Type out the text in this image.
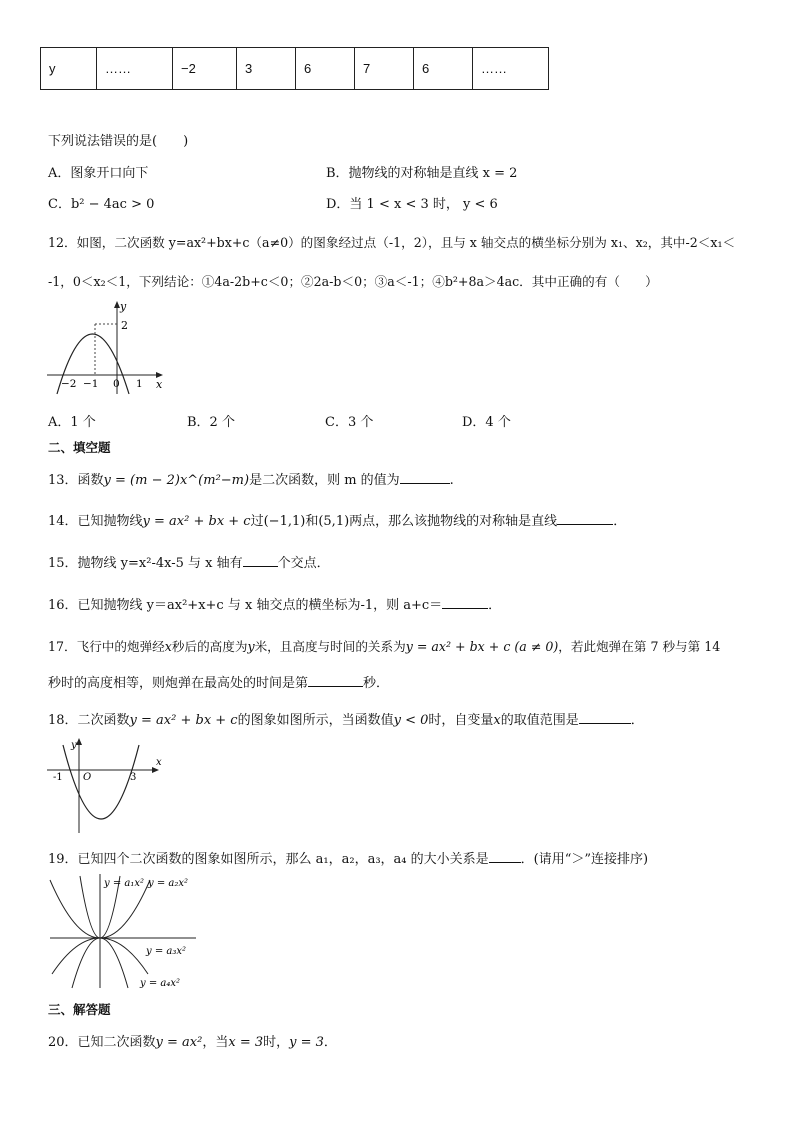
y	……	−2	3	6	7	6	……
下列说法错误的是(　　)
A．图象开口向下	B．抛物线的对称轴是直线 x = 2
C．b² − 4ac > 0	D．当 1 < x < 3 时， y < 6
12．如图，二次函数 y=ax²+bx+c（a≠0）的图象经过点（-1，2），且与 x 轴交点的横坐标分别为 x₁、x₂，其中-2＜x₁＜
-1，0＜x₂＜1，下列结论：①4a-2b+c＜0；②2a-b＜0；③a＜-1；④b²+8a＞4ac．其中正确的有（　　）
y
x
2
−2 −1 0 1
A．1 个	B．2 个	C．3 个	D．4 个
二、填空题
13．函数y = (m − 2)x^(m²−m)是二次函数，则 m 的值为	.
14．已知抛物线y = ax² + bx + c过(−1,1)和(5,1)两点，那么该抛物线的对称轴是直线	．
15．抛物线 y=x²-4x-5 与 x 轴有	个交点．
16．已知抛物线 y＝ax²+x+c 与 x 轴交点的横坐标为-1，则 a+c＝	．
17．飞行中的炮弹经x秒后的高度为y米，且高度与时间的关系为y = ax² + bx + c (a ≠ 0)，若此炮弹在第 7 秒与第 14
秒时的高度相等，则炮弹在最高处的时间是第	秒．
18．二次函数y = ax² + bx + c的图象如图所示，当函数值y < 0时，自变量x的取值范围是	．
y
x
O
-1	3
19．已知四个二次函数的图象如图所示，那么 a₁，a₂，a₃，a₄ 的大小关系是 ．(请用“＞”连接排序)
y = a₁x² y = a₂x²
y = a₃x²
y = a₄x²
三、解答题
20．已知二次函数y = ax²，当x = 3时，y = 3．
